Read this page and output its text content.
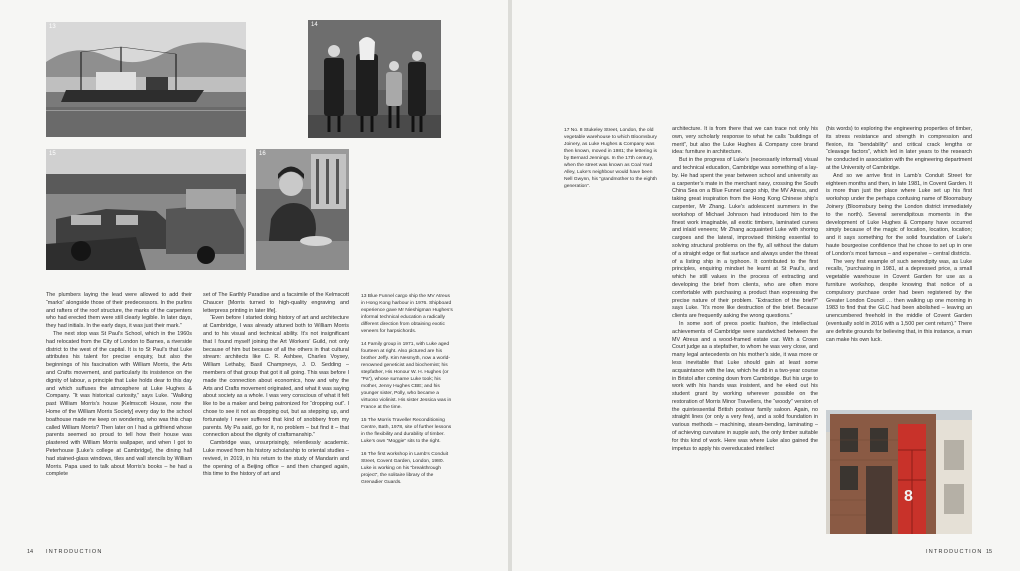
13	14
15	16

The plumbers laying the lead were allowed to add their “marks” alongside those of their predecessors. In the purlins and rafters of the roof structure, the marks of the carpenters who had erected them were still clearly legible. In later days, they had initials. In the early days, it was just their mark.”

The next stop was St Paul’s School, which in the 1960s had relocated from the City of London to Barnes, a riverside district to the west of the capital. It is to St Paul’s that Luke attributes his talent for precise enquiry, but also the beginnings of his fascination with William Morris, the Arts and Crafts movement, and particularly its insistence on the dignity of labour, a principle that Luke holds dear to this day and which suffuses the atmosphere at Luke Hughes & Company. “It was historical curiosity,” says Luke. “Walking past William Morris’s house [Kelmscott House, now the Home of the William Morris Society] every day to the school boathouse made me keep on wondering, who was this chap called William Morris? Then later on I had a girlfriend whose parents seemed so proud to tell how their house was plastered with William Morris wallpaper, and when I got to Peterhouse [Luke’s college at Cambridge], the dining hall had stained-glass windows, tiles and wall stencils by William Morris. Papa used to talk about Morris’s books – he had a complete

set of The Earthly Paradise and a facsimile of the Kelmscott Chaucer [Morris turned to high-quality engraving and letterpress printing in later life].

“Even before I started doing history of art and architecture at Cambridge, I was already attuned both to William Morris and to his visual and technical ability. It’s not insignificant that I found myself joining the Art Workers’ Guild, not only because of him but because of all the others in that cultural stream: architects like C. R. Ashbee, Charles Voysey, William Lethaby, Basil Champneys, J. D. Sedding – members of that group that got it all going. This was before I made the connection about economics, how and why the Arts and Crafts movement originated, and what it was saying about society as a whole. I was very conscious of what it felt like to be a maker and being patronized for “dropping out”. I chose to see it not as dropping out, but as stepping up, and fortunately I never suffered that kind of snobbery from my parents. My Pa said, go for it, no problem – but find it – that connection about the dignity of craftsmanship.”

Cambridge was, unsurprisingly, relentlessly academic. Luke moved from his history scholarship to oriental studies – revived, in 2019, in his return to the study of Mandarin and the opening of a Beijing office – and then changed again, this time to the history of art and

13 Blue Funnel cargo ship the MV Atreus in Hong Kong harbour in 1976. Shipboard experience gave Mr Nieshigman Hughes’s informal technical education a radically different direction from obtaining exotic veneers for harpsichords.

14 Family group in 1971, with Luke aged fourteen at right. Also pictured are his brother Jeffy. Kim Nesmyth, now a world-renowned geneticist and biochemist; his stepfather, His Honour W. H. Hughes (or “Pa”), whose surname Luke took; his mother, Jenny Hughes CBE; and his younger sister, Polly, who became a virtuoso violinist. His sister Jessica was in France at the time.

15 The Morris Traveller Reconditioning Centre, Bath, 1978, site of further lessons in the flexibility and durability of timber. Luke’s own “Moggie” sits to the right.

16 The first workshop in Lamb’s Conduit Street, Covent Garden, London, 1980. Luke is working on his “breakthrough project”, the solitaire library of the Grenadier Guards.

14 INTRODUCTION

17 No. 8 Stukeley Street, London, the old vegetable warehouse to which Bloomsbury Joinery, as Luke Hughes & Company was then known, moved in 1981; the lettering is by Bernard Jennings. In the 17th century, when the street was known as Coal Yard Alley, Luke’s neighbour would have been Nell Gwynn, his “grandmother to the eighth generation”.

architecture. It is from there that we can trace not only his own, very scholarly response to what he calls “buildings of merit”, but also the Luke Hughes & Company core brand idea: furniture in architecture.

But in the progress of Luke’s (necessarily informal) visual and technical education, Cambridge was something of a lay-by. He had spent the year between school and university as a carpenter’s mate in the merchant navy, crossing the South China Sea on a Blue Funnel cargo ship, the MV Atreus, and taking great inspiration from the Hong Kong Chinese ship’s carpenter, Mr Zhang. Luke’s adolescent summers in the workshop of Michael Johnson had introduced him to the finest work imaginable, all exotic timbers, laminated curves and inlaid veneers; Mr Zhang acquainted Luke with shoring cargoes and the lateral, improvised thinking essential to solving structural problems on the fly, all without the datum of a straight edge or flat surface and always under the threat of a listing ship in a typhoon. It contributed to the first principles, enquiring mindset he learnt at St Paul’s, and which he still values in the process of extracting and developing the brief from clients, who are often more comfortable with purchasing a product than expressing the precise nature of their problem. “Extraction of the brief?” says Luke. “It’s more like destruction of the brief. Because clients are frequently asking the wrong questions.”

In some sort of preos poetic fashion, the intellectual achievements of Cambridge were sandwiched between the MV Atreus and a wood-framed estate car. With a Crown Court judge as a stepfather, to whom he was very close, and many legal antecedents on his mother’s side, it was more or less inevitable that Luke should gain at least some acquaintance with the law, which he did in a two-year course in Bristol after coming down from Cambridge. But his urge to work with his hands was insistent, and he eked out his student grant by working wherever possible on the restoration of Morris Minor Travellers, the “woody” version of the quintessential British postwar family saloon. Again, no straight lines (or only a very few), and a solid foundation in various methods – machining, steam-bending, laminating – of achieving curvature in supple ash, the only timber suitable for this kind of work. Here was where Luke also gained the impetus to apply his overeducated intellect

(his words) to exploring the engineering properties of timber, its stress resistance and strength in compression and flexion, its “bendability” and critical crack lengths or “cleavage factors”, which led in later years to the research he conducted in association with the engineering department at the University of Cambridge.

And so we arrive first in Lamb’s Conduit Street for eighteen months and then, in late 1981, in Covent Garden. It is more than just the place where Luke set up his first workshop under the perhaps confusing name of Bloomsbury Joinery (Bloomsbury being the London district immediately to the north). Several serendipitous moments in the development of Luke Hughes & Company have occurred simply because of the magic of location, location, location; and it says something for the solid foundation of Luke’s haute bourgeoise confidence that he chose to set up in one of London’s most famous – and expensive – central districts.

The very first example of such serendipity was, as Luke recalls, “purchasing in 1981, at a depressed price, a small vegetable warehouse in Covent Garden for use as a furniture workshop, despite knowing that notice of a compulsory purchase order had been registered by the Greater London Council … then walking up one morning in 1983 to find that the GLC had been abolished – leaving an unencumbered freehold in the middle of Covent Garden (eventually sold in 2016 with a 1,500 per cent return).” There are definite grounds for believing that, in this instance, a man can make his own luck.

8
INTRODUCTION 15
